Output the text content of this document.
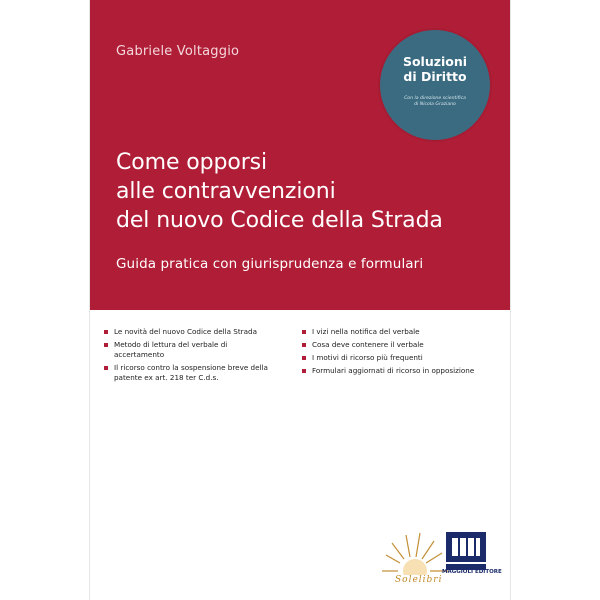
Gabriele Voltaggio
Soluzioni
di Diritto
Con la direzione scientifica
di Nicola Graziano
Come opporsi
alle contravvenzioni
del nuovo Codice della Strada
Guida pratica con giurisprudenza e formulari
Le novità del nuovo Codice della Strada
Metodo di lettura del verbale di accertamento
Il ricorso contro la sospensione breve della patente ex art. 218 ter C.d.s.
I vizi nella notifica del verbale
Cosa deve contenere il verbale
I motivi di ricorso più frequenti
Formulari aggiornati di ricorso in opposizione
Solelibri
MAGGIOLI EDITORE
